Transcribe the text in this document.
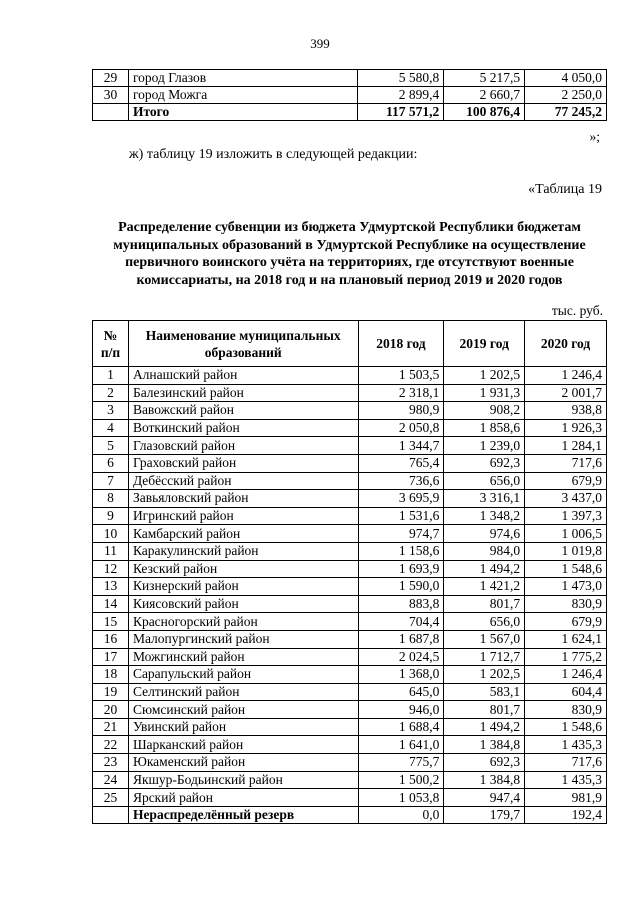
399
29	город Глазов	5 580,8	5 217,5	4 050,0
30	город Можга	2 899,4	2 660,7	2 250,0
	Итого	117 571,2	100 876,4	77 245,2
»;
ж) таблицу 19 изложить в следующей редакции:
«Таблица 19
Распределение субвенции из бюджета Удмуртской Республики бюджетам муниципальных образований в Удмуртской Республике на осуществление первичного воинского учёта на территориях, где отсутствуют военные комиссариаты, на 2018 год и на плановый период 2019 и 2020 годов
тыс. руб.
№ п/п	Наименование муниципальных образований	2018 год	2019 год	2020 год
1	Алнашский район	1 503,5	1 202,5	1 246,4
2	Балезинский район	2 318,1	1 931,3	2 001,7
3	Вавожский район	980,9	908,2	938,8
4	Воткинский район	2 050,8	1 858,6	1 926,3
5	Глазовский район	1 344,7	1 239,0	1 284,1
6	Граховский район	765,4	692,3	717,6
7	Дебёсский район	736,6	656,0	679,9
8	Завьяловский район	3 695,9	3 316,1	3 437,0
9	Игринский район	1 531,6	1 348,2	1 397,3
10	Камбарский район	974,7	974,6	1 006,5
11	Каракулинский район	1 158,6	984,0	1 019,8
12	Кезский район	1 693,9	1 494,2	1 548,6
13	Кизнерский район	1 590,0	1 421,2	1 473,0
14	Киясовский район	883,8	801,7	830,9
15	Красногорский район	704,4	656,0	679,9
16	Малопургинский район	1 687,8	1 567,0	1 624,1
17	Можгинский район	2 024,5	1 712,7	1 775,2
18	Сарапульский район	1 368,0	1 202,5	1 246,4
19	Селтинский район	645,0	583,1	604,4
20	Сюмсинский район	946,0	801,7	830,9
21	Увинский район	1 688,4	1 494,2	1 548,6
22	Шарканский район	1 641,0	1 384,8	1 435,3
23	Юкаменский район	775,7	692,3	717,6
24	Якшур-Бодьинский район	1 500,2	1 384,8	1 435,3
25	Ярский район	1 053,8	947,4	981,9
	Нераспределённый резерв	0,0	179,7	192,4
